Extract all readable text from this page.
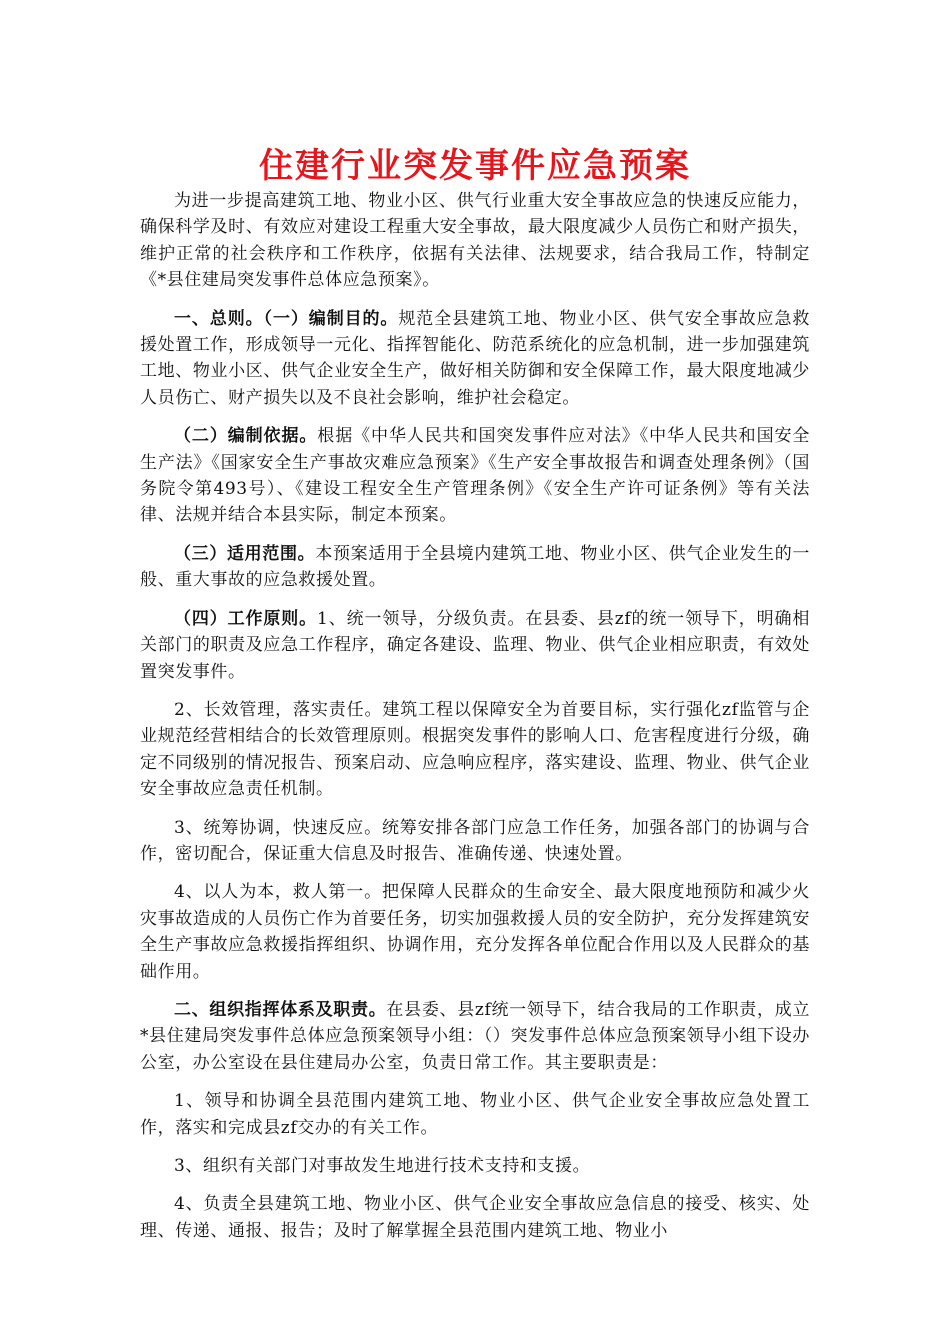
住建行业突发事件应急预案

为进一步提高建筑工地、物业小区、供气行业重大安全事故应急的快速反应能力，确保科学及时、有效应对建设工程重大安全事故，最大限度减少人员伤亡和财产损失，维护正常的社会秩序和工作秩序，依据有关法律、法规要求，结合我局工作，特制定《*县住建局突发事件总体应急预案》。

一、总则。（一）编制目的。规范全县建筑工地、物业小区、供气安全事故应急救援处置工作，形成领导一元化、指挥智能化、防范系统化的应急机制，进一步加强建筑工地、物业小区、供气企业安全生产，做好相关防御和安全保障工作，最大限度地减少人员伤亡、财产损失以及不良社会影响，维护社会稳定。

（二）编制依据。根据《中华人民共和国突发事件应对法》《中华人民共和国安全生产法》《国家安全生产事故灾难应急预案》《生产安全事故报告和调查处理条例》（国务院令第493号）、《建设工程安全生产管理条例》《安全生产许可证条例》等有关法律、法规并结合本县实际，制定本预案。

（三）适用范围。本预案适用于全县境内建筑工地、物业小区、供气企业发生的一般、重大事故的应急救援处置。

（四）工作原则。1、统一领导，分级负责。在县委、县zf的统一领导下，明确相关部门的职责及应急工作程序，确定各建设、监理、物业、供气企业相应职责，有效处置突发事件。

2、长效管理，落实责任。建筑工程以保障安全为首要目标，实行强化zf监管与企业规范经营相结合的长效管理原则。根据突发事件的影响人口、危害程度进行分级，确定不同级别的情况报告、预案启动、应急响应程序，落实建设、监理、物业、供气企业安全事故应急责任机制。

3、统筹协调，快速反应。统筹安排各部门应急工作任务，加强各部门的协调与合作，密切配合，保证重大信息及时报告、准确传递、快速处置。

4、以人为本，救人第一。把保障人民群众的生命安全、最大限度地预防和减少火灾事故造成的人员伤亡作为首要任务，切实加强救援人员的安全防护，充分发挥建筑安全生产事故应急救援指挥组织、协调作用，充分发挥各单位配合作用以及人民群众的基础作用。

二、组织指挥体系及职责。在县委、县zf统一领导下，结合我局的工作职责，成立*县住建局突发事件总体应急预案领导小组：（）突发事件总体应急预案领导小组下设办公室，办公室设在县住建局办公室，负责日常工作。其主要职责是：

1、领导和协调全县范围内建筑工地、物业小区、供气企业安全事故应急处置工作，落实和完成县zf交办的有关工作。

3、组织有关部门对事故发生地进行技术支持和支援。

4、负责全县建筑工地、物业小区、供气企业安全事故应急信息的接受、核实、处理、传递、通报、报告；及时了解掌握全县范围内建筑工地、物业小
